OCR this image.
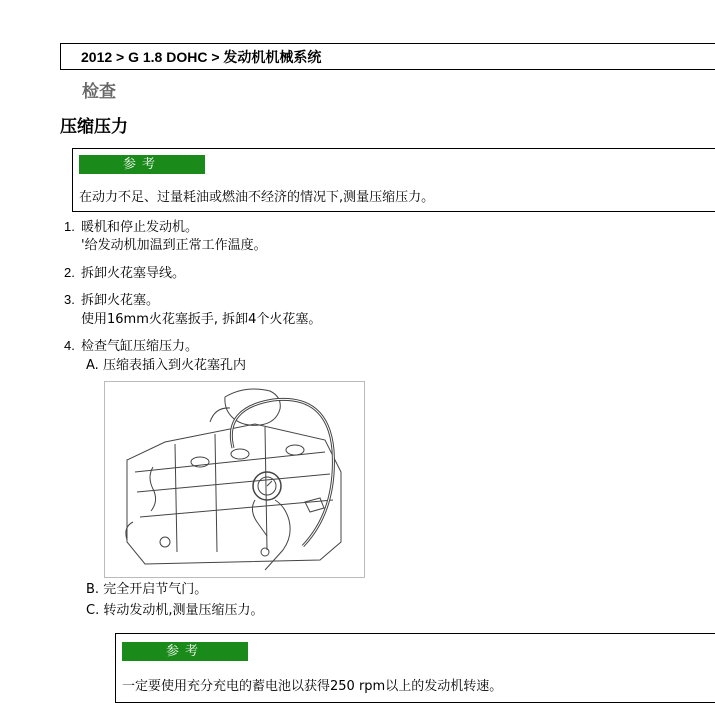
2012 > G 1.8 DOHC > 发动机机械系统
检查
压缩压力
参考
在动力不足、过量耗油或燃油不经济的情况下,测量压缩压力。
1. 暖机和停止发动机。
'给发动机加温到正常工作温度。
2. 拆卸火花塞导线。
3. 拆卸火花塞。
使用16mm火花塞扳手, 拆卸4个火花塞。
4. 检查气缸压缩压力。
A. 压缩表插入到火花塞孔内
B. 完全开启节气门。
C. 转动发动机,测量压缩压力。
参考
一定要使用充分充电的蓄电池以获得250 rpm以上的发动机转速。
